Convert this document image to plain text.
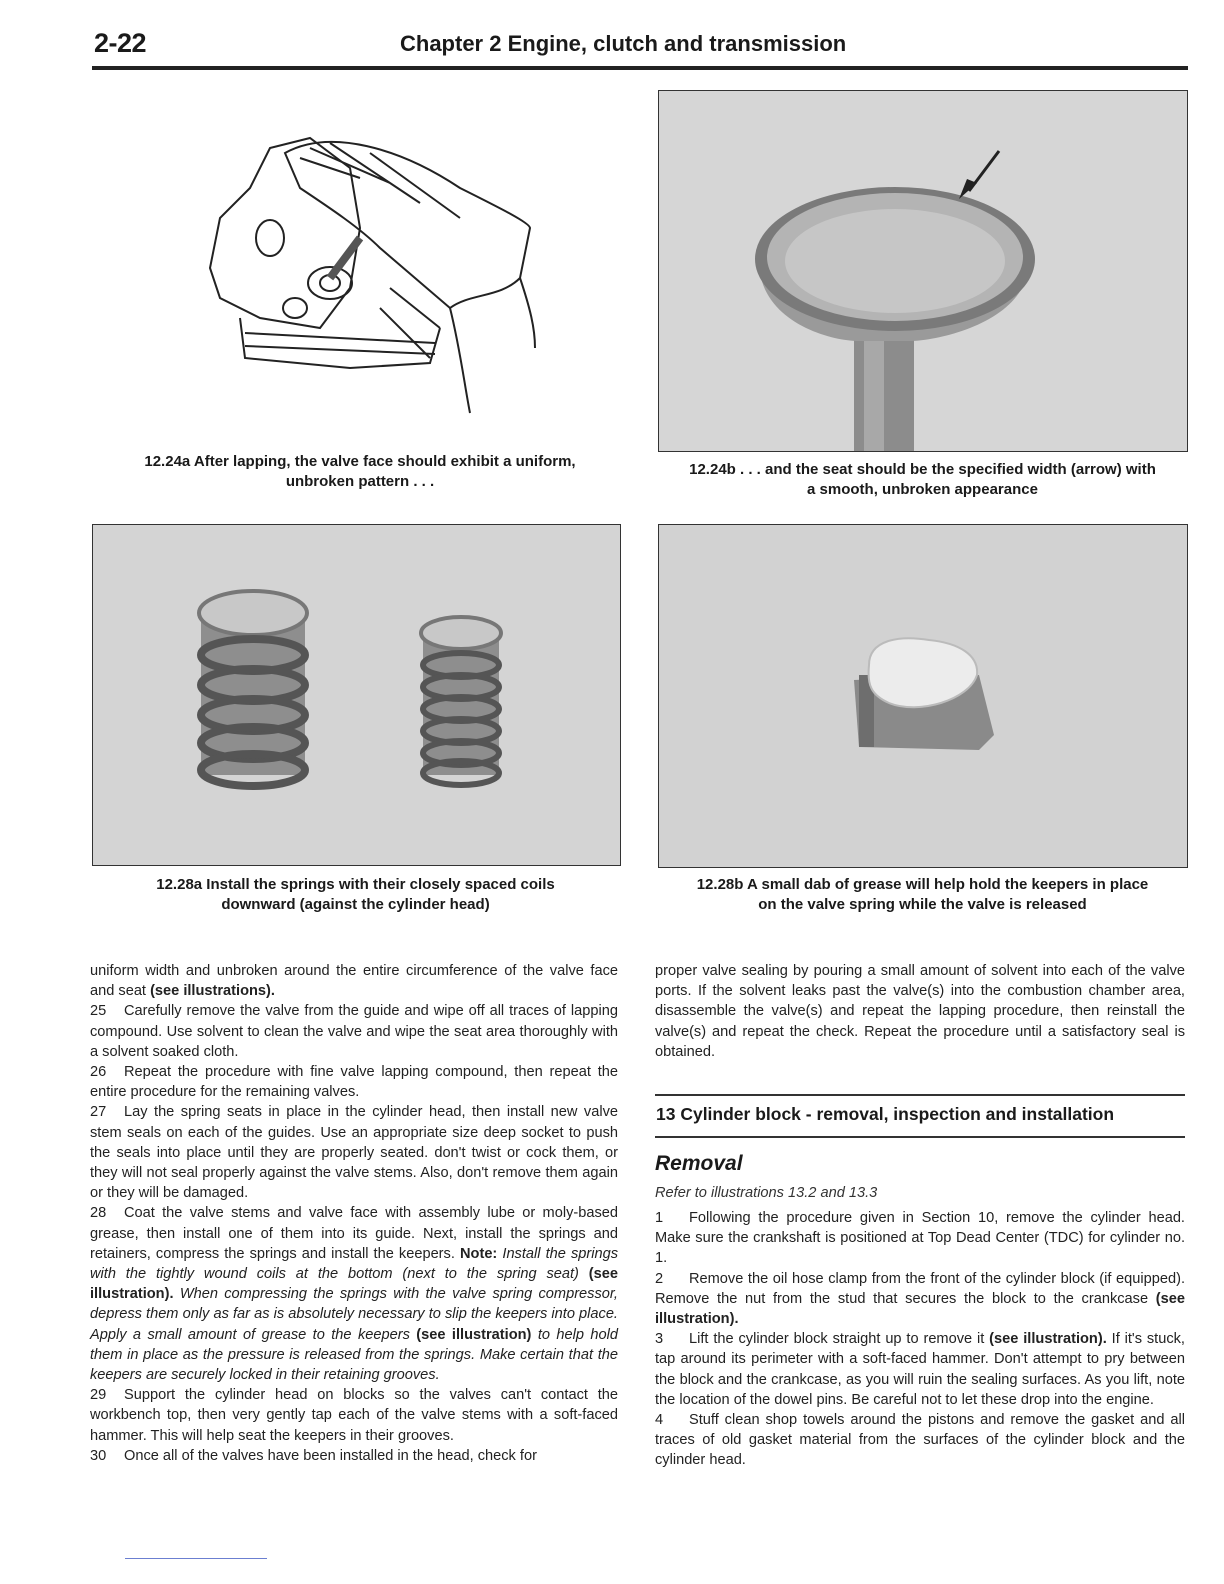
2-22	Chapter 2 Engine, clutch and transmission
12.24a After lapping, the valve face should exhibit a uniform,
unbroken pattern . . .
12.24b . . . and the seat should be the specified width (arrow) with
a smooth, unbroken appearance
12.28a Install the springs with their closely spaced coils
downward (against the cylinder head)
12.28b A small dab of grease will help hold the keepers in place
on the valve spring while the valve is released

uniform width and unbroken around the entire circumference of the valve face and seat (see illustrations).

25 Carefully remove the valve from the guide and wipe off all traces of lapping compound. Use solvent to clean the valve and wipe the seat area thoroughly with a solvent soaked cloth.

26 Repeat the procedure with fine valve lapping compound, then repeat the entire procedure for the remaining valves.

27 Lay the spring seats in place in the cylinder head, then install new valve stem seals on each of the guides. Use an appropriate size deep socket to push the seals into place until they are properly seated. don't twist or cock them, or they will not seal properly against the valve stems. Also, don't remove them again or they will be damaged.

28 Coat the valve stems and valve face with assembly lube or moly-based grease, then install one of them into its guide. Next, install the springs and retainers, compress the springs and install the keepers. Note: Install the springs with the tightly wound coils at the bottom (next to the spring seat) (see illustration). When compressing the springs with the valve spring compressor, depress them only as far as is absolutely necessary to slip the keepers into place. Apply a small amount of grease to the keepers (see illustration) to help hold them in place as the pressure is released from the springs. Make certain that the keepers are securely locked in their retaining grooves.

29 Support the cylinder head on blocks so the valves can't contact the workbench top, then very gently tap each of the valve stems with a soft-faced hammer. This will help seat the keepers in their grooves.

30 Once all of the valves have been installed in the head, check for

proper valve sealing by pouring a small amount of solvent into each of the valve ports. If the solvent leaks past the valve(s) into the combustion chamber area, disassemble the valve(s) and repeat the lapping procedure, then reinstall the valve(s) and repeat the check. Repeat the procedure until a satisfactory seal is obtained.

13 Cylinder block - removal, inspection and installation
Removal
Refer to illustrations 13.2 and 13.3

1 Following the procedure given in Section 10, remove the cylinder head. Make sure the crankshaft is positioned at Top Dead Center (TDC) for cylinder no. 1.

2 Remove the oil hose clamp from the front of the cylinder block (if equipped). Remove the nut from the stud that secures the block to the crankcase (see illustration).

3 Lift the cylinder block straight up to remove it (see illustration). If it's stuck, tap around its perimeter with a soft-faced hammer. Don't attempt to pry between the block and the crankcase, as you will ruin the sealing surfaces. As you lift, note the location of the dowel pins. Be careful not to let these drop into the engine.

4 Stuff clean shop towels around the pistons and remove the gasket and all traces of old gasket material from the surfaces of the cylinder block and the cylinder head.
